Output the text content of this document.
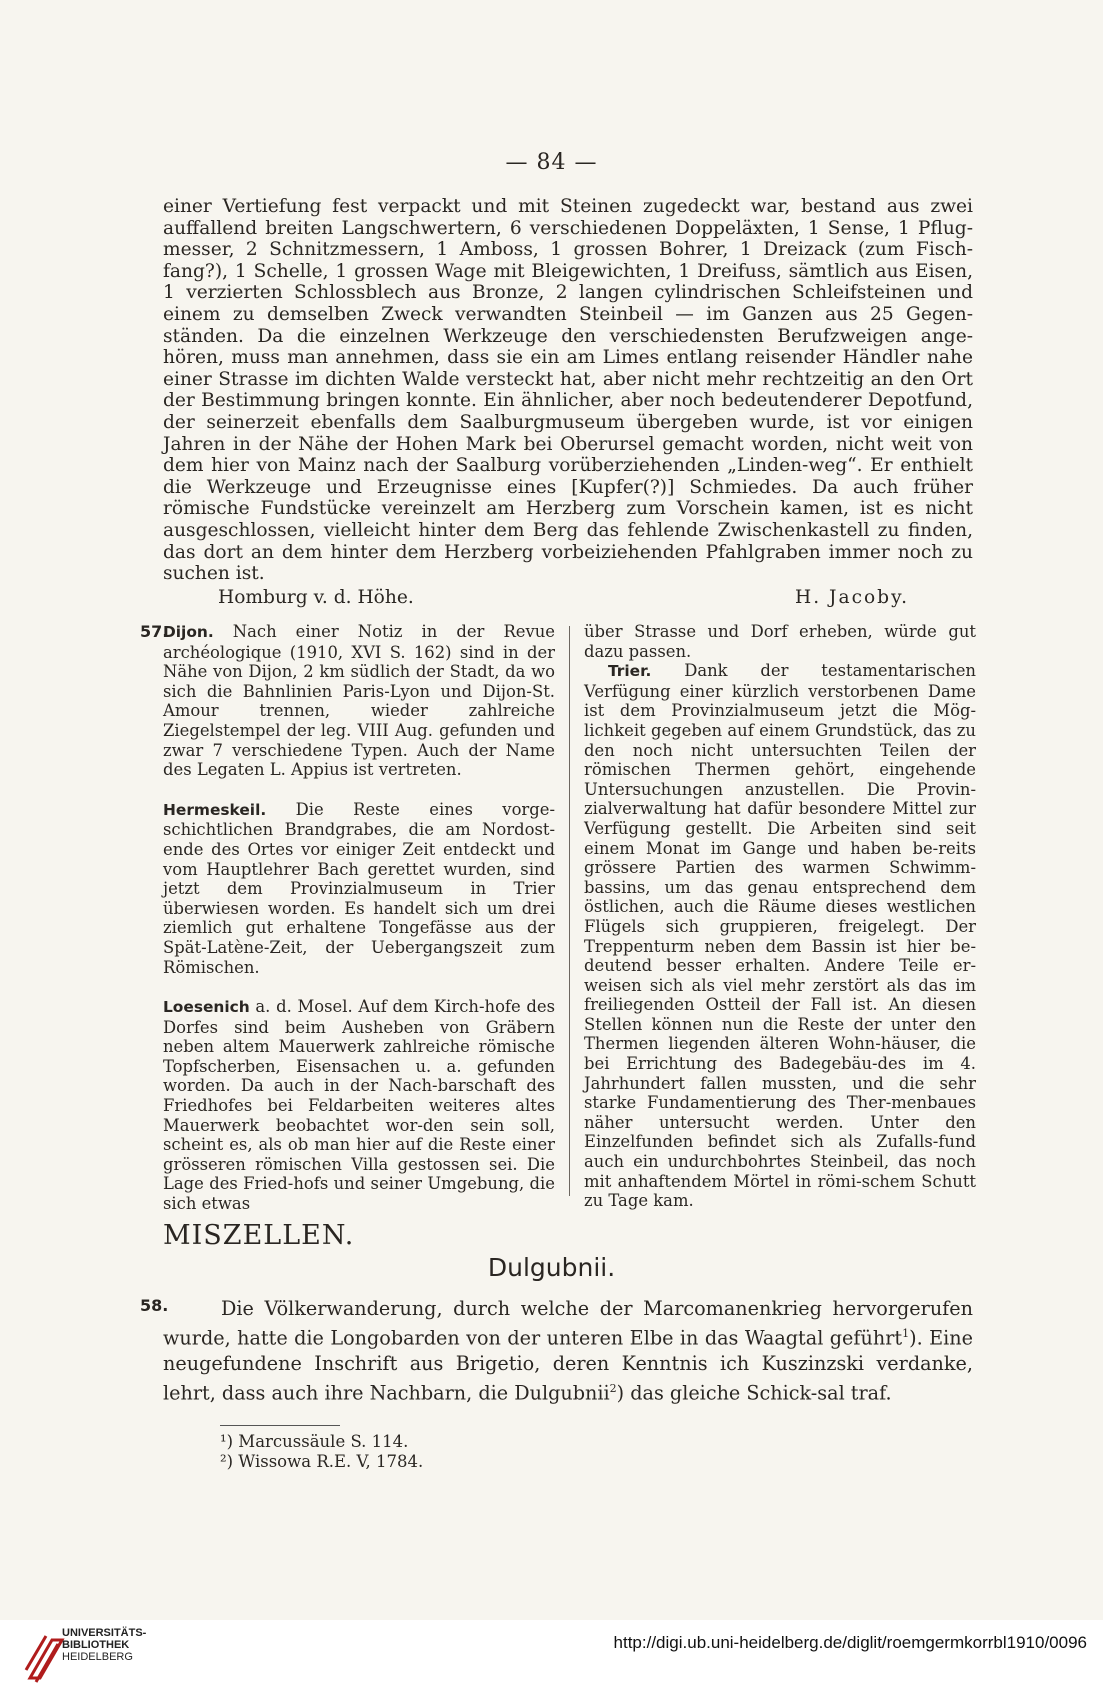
— 84 —

einer Vertiefung fest verpackt und mit Steinen zugedeckt war, bestand aus zwei auffallend breiten Langschwertern, 6 verschiedenen Doppeläxten, 1 Sense, 1 Pflug-messer, 2 Schnitzmessern, 1 Amboss, 1 grossen Bohrer, 1 Dreizack (zum Fisch-fang?), 1 Schelle, 1 grossen Wage mit Bleigewichten, 1 Dreifuss, sämtlich aus Eisen, 1 verzierten Schlossblech aus Bronze, 2 langen cylindrischen Schleifsteinen und einem zu demselben Zweck verwandten Steinbeil — im Ganzen aus 25 Gegen-ständen. Da die einzelnen Werkzeuge den verschiedensten Berufzweigen ange-hören, muss man annehmen, dass sie ein am Limes entlang reisender Händler nahe einer Strasse im dichten Walde versteckt hat, aber nicht mehr rechtzeitig an den Ort der Bestimmung bringen konnte. Ein ähnlicher, aber noch bedeutenderer Depotfund, der seinerzeit ebenfalls dem Saalburgmuseum übergeben wurde, ist vor einigen Jahren in der Nähe der Hohen Mark bei Oberursel gemacht worden, nicht weit von dem hier von Mainz nach der Saalburg vorüberziehenden „Linden-weg“. Er enthielt die Werkzeuge und Erzeugnisse eines [Kupfer(?)] Schmiedes. Da auch früher römische Fundstücke vereinzelt am Herzberg zum Vorschein kamen, ist es nicht ausgeschlossen, vielleicht hinter dem Berg das fehlende Zwischenkastell zu finden, das dort an dem hinter dem Herzberg vorbeiziehenden Pfahlgraben immer noch zu suchen ist.

Homburg v. d. Höhe.	H. Jacoby.
57.

Dijon. Nach einer Notiz in der Revue archéologique (1910, XVI S. 162) sind in der Nähe von Dijon, 2 km südlich der Stadt, da wo sich die Bahnlinien Paris-Lyon und Dijon-St. Amour trennen, wieder zahlreiche Ziegelstempel der leg. VIII Aug. gefunden und zwar 7 verschiedene Typen. Auch der Name des Legaten L. Appius ist vertreten.

Hermeskeil. Die Reste eines vorge-schichtlichen Brandgrabes, die am Nordost-ende des Ortes vor einiger Zeit entdeckt und vom Hauptlehrer Bach gerettet wurden, sind jetzt dem Provinzialmuseum in Trier überwiesen worden. Es handelt sich um drei ziemlich gut erhaltene Tongefässe aus der Spät-Latène-Zeit, der Uebergangszeit zum Römischen.

Loesenich a. d. Mosel. Auf dem Kirch-hofe des Dorfes sind beim Ausheben von Gräbern neben altem Mauerwerk zahlreiche römische Topfscherben, Eisensachen u. a. gefunden worden. Da auch in der Nach-barschaft des Friedhofes bei Feldarbeiten weiteres altes Mauerwerk beobachtet wor-den sein soll, scheint es, als ob man hier auf die Reste einer grösseren römischen Villa gestossen sei. Die Lage des Fried-hofs und seiner Umgebung, die sich etwas

über Strasse und Dorf erheben, würde gut dazu passen.

Trier. Dank der testamentarischen Verfügung einer kürzlich verstorbenen Dame ist dem Provinzialmuseum jetzt die Mög-lichkeit gegeben auf einem Grundstück, das zu den noch nicht untersuchten Teilen der römischen Thermen gehört, eingehende Untersuchungen anzustellen. Die Provin-zialverwaltung hat dafür besondere Mittel zur Verfügung gestellt. Die Arbeiten sind seit einem Monat im Gange und haben be-reits grössere Partien des warmen Schwimm-bassins, um das genau entsprechend dem östlichen, auch die Räume dieses westlichen Flügels sich gruppieren, freigelegt. Der Treppenturm neben dem Bassin ist hier be-deutend besser erhalten. Andere Teile er-weisen sich als viel mehr zerstört als das im freiliegenden Ostteil der Fall ist. An diesen Stellen können nun die Reste der unter den Thermen liegenden älteren Wohn-häuser, die bei Errichtung des Badegebäu-des im 4. Jahrhundert fallen mussten, und die sehr starke Fundamentierung des Ther-menbaues näher untersucht werden. Unter den Einzelfunden befindet sich als Zufalls-fund auch ein undurchbohrtes Steinbeil, das noch mit anhaftendem Mörtel in römi-schem Schutt zu Tage kam.

MISZELLEN.
Dulgubnii.
58.	Die Völkerwanderung, durch welche der Marcomanenkrieg hervorgerufen wurde, hatte die Longobarden von der unteren Elbe in das Waagtal geführt$^1$). Eine neugefundene Inschrift aus Brigetio, deren Kenntnis ich Kuszinzski verdanke, lehrt, dass auch ihre Nachbarn, die Dulgubnii$^2$) das gleiche Schick-sal traf.

¹) Marcussäule S. 114.
²) Wissowa R.E. V, 1784.
UNIVERSITÄTS-
BIBLIOTHEK
HEIDELBERG
http://digi.ub.uni-heidelberg.de/diglit/roemgermkorrbl1910/0096
